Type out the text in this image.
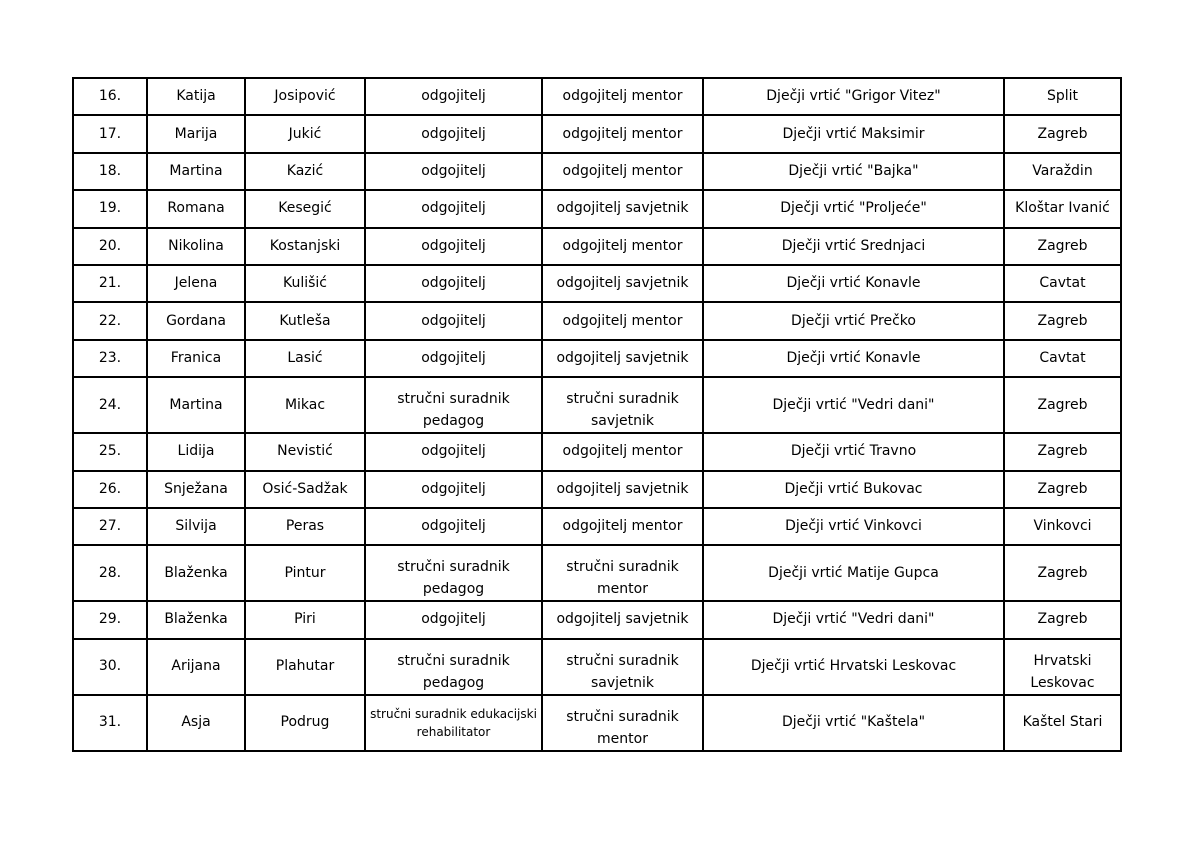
16.	Katija	Josipović	odgojitelj	odgojitelj mentor	Dječji vrtić "Grigor Vitez"	Split
17.	Marija	Jukić	odgojitelj	odgojitelj mentor	Dječji vrtić Maksimir	Zagreb
18.	Martina	Kazić	odgojitelj	odgojitelj mentor	Dječji vrtić "Bajka"	Varaždin
19.	Romana	Kesegić	odgojitelj	odgojitelj savjetnik	Dječji vrtić "Proljeće"	Kloštar Ivanić
20.	Nikolina	Kostanjski	odgojitelj	odgojitelj mentor	Dječji vrtić Srednjaci	Zagreb
21.	Jelena	Kulišić	odgojitelj	odgojitelj savjetnik	Dječji vrtić Konavle	Cavtat
22.	Gordana	Kutleša	odgojitelj	odgojitelj mentor	Dječji vrtić Prečko	Zagreb
23.	Franica	Lasić	odgojitelj	odgojitelj savjetnik	Dječji vrtić Konavle	Cavtat
24.	Martina	Mikac	stručni suradnik pedagog	stručni suradnik savjetnik	Dječji vrtić "Vedri dani"	Zagreb
25.	Lidija	Nevistić	odgojitelj	odgojitelj mentor	Dječji vrtić Travno	Zagreb
26.	Snježana	Osić-Sadžak	odgojitelj	odgojitelj savjetnik	Dječji vrtić Bukovac	Zagreb
27.	Silvija	Peras	odgojitelj	odgojitelj mentor	Dječji vrtić Vinkovci	Vinkovci
28.	Blaženka	Pintur	stručni suradnik pedagog	stručni suradnik mentor	Dječji vrtić Matije Gupca	Zagreb
29.	Blaženka	Piri	odgojitelj	odgojitelj savjetnik	Dječji vrtić "Vedri dani"	Zagreb
30.	Arijana	Plahutar	stručni suradnik pedagog	stručni suradnik savjetnik	Dječji vrtić Hrvatski Leskovac	Hrvatski Leskovac
31.	Asja	Podrug	stručni suradnik edukacijski rehabilitator	stručni suradnik mentor	Dječji vrtić "Kaštela"	Kaštel Stari
